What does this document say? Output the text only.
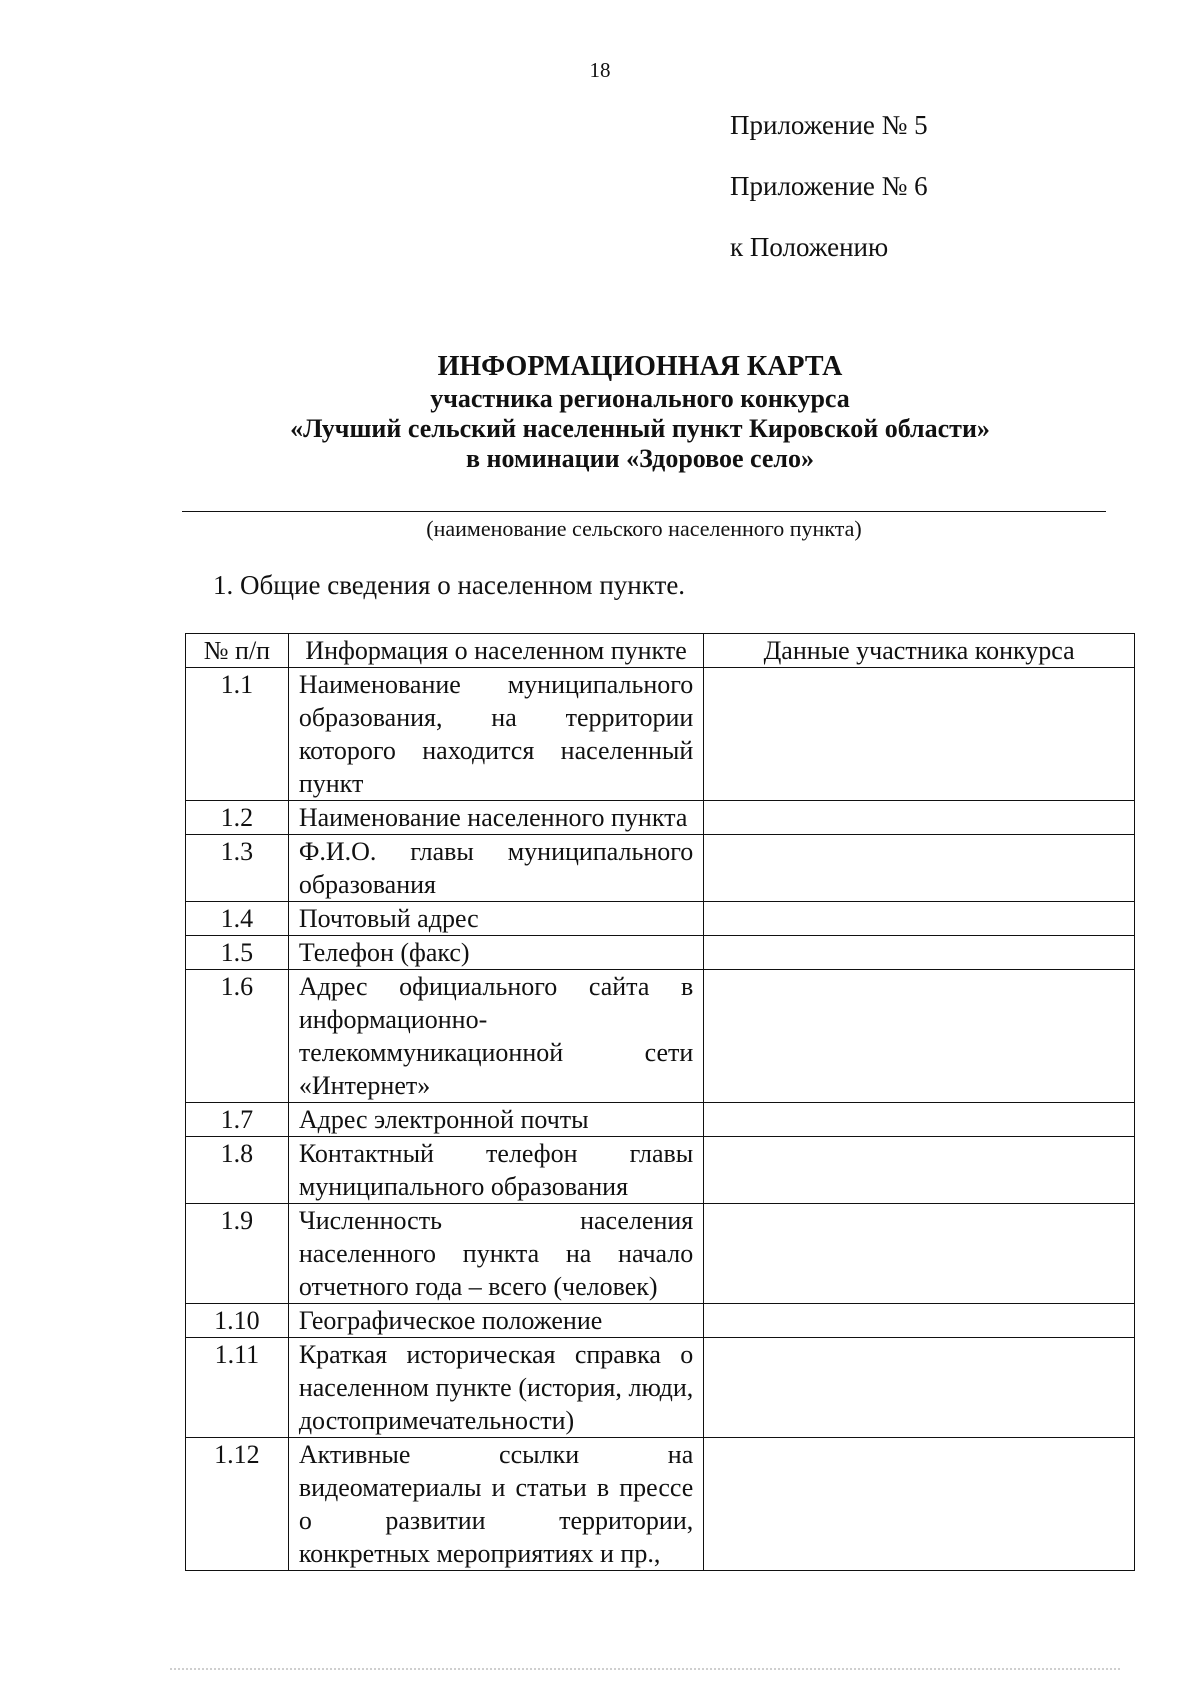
18
Приложение № 5
Приложение № 6
к Положению
ИНФОРМАЦИОННАЯ КАРТА
участника регионального конкурса
«Лучший сельский населенный пункт Кировской области»
в номинации «Здоровое село»
(наименование сельского населенного пункта)
1. Общие сведения о населенном пункте.
№ п/п	Информация о населенном пункте	Данные участника конкурса
1.1	Наименование муниципального образования, на территории которого находится населенный пункт	
1.2	Наименование населенного пункта	
1.3	Ф.И.О. главы муниципального образования	
1.4	Почтовый адрес	
1.5	Телефон (факс)	
1.6	Адрес официального сайта в информационно-телекоммуникационной сети «Интернет»	
1.7	Адрес электронной почты	
1.8	Контактный телефон главы муниципального образования	
1.9	Численность населения населенного пункта на начало отчетного года – всего (человек)	
1.10	Географическое положение	
1.11	Краткая историческая справка о населенном пункте (история, люди, достопримечательности)	
1.12	Активные ссылки на видеоматериалы и статьи в прессе о развитии территории, конкретных мероприятиях и пр.,	
